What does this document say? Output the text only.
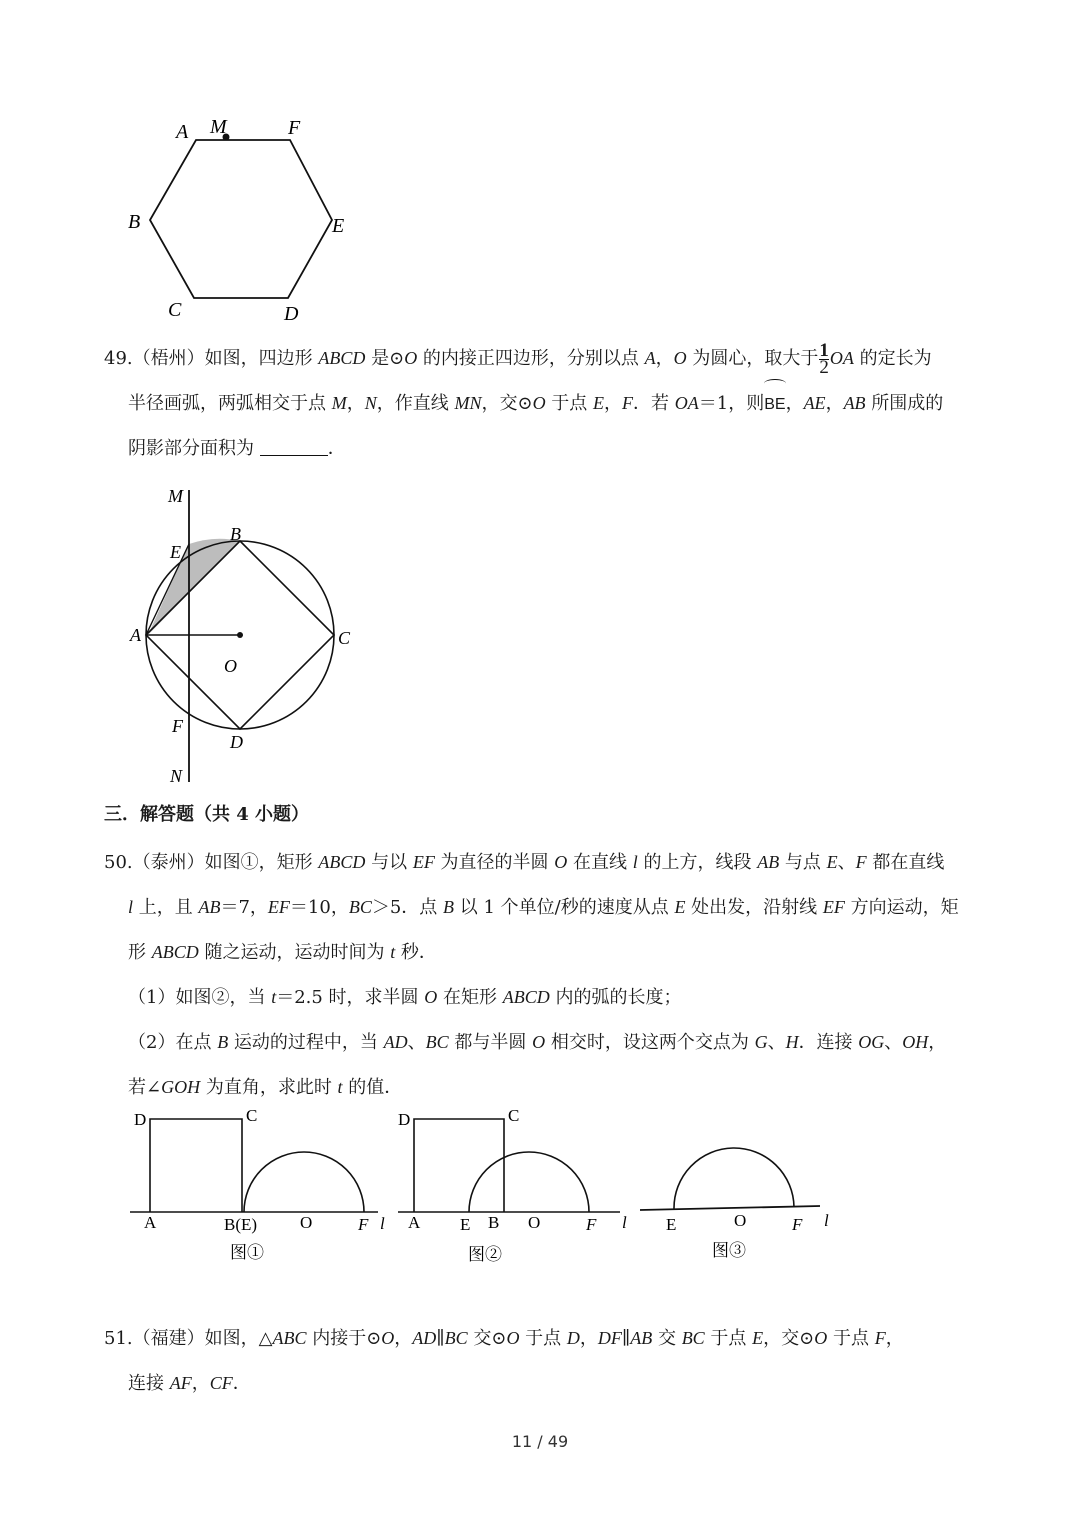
A M	F
B	E
C	D

49.（梧州）如图，四边形 ABCD 是⊙O 的内接正四边形，分别以点 A，O 为圆心，取大于 $\frac{1}{2}$ OA 的定长为

半径画弧，两弧相交于点 M，N，作直线 MN，交⊙O 于点 E，F．若 OA＝1，则BE，AE，AB 所围成的

阴影部分面积为	．

M
E
B
A	C
O
F
D
N
三．解答题（共 4 小题）

50.（泰州）如图①，矩形 ABCD 与以 EF 为直径的半圆 O 在直线 l 的上方，线段 AB 与点 E、F 都在直线

l 上，且 AB＝7，EF＝10，BC＞5．点 B 以 1 个单位/秒的速度从点 E 处出发，沿射线 EF 方向运动，矩

形 ABCD 随之运动，运动时间为 t 秒．

（1）如图②，当 t＝2.5 时，求半圆 O 在矩形 ABCD 内的弧的长度；

（2）在点 B 运动的过程中，当 AD、BC 都与半圆 O 相交时，设这两个交点为 G、H．连接 OG、OH，

若∠GOH 为直角，求此时 t 的值．

D	C
A	B(E)	O	F l
图①
D	C
A E B O	F l
图②
E	O	F l
图③

51.（福建）如图，△ABC 内接于⊙O，AD∥BC 交⊙O 于点 D，DF∥AB 交 BC 于点 E，交⊙O 于点 F，

连接 AF，CF．

11 / 49
